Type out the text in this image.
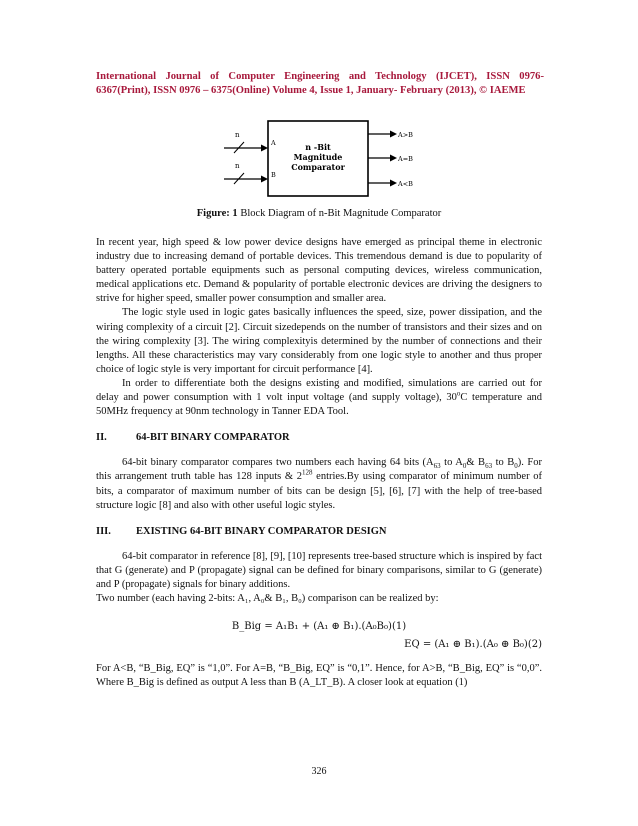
International Journal of Computer Engineering and Technology (IJCET), ISSN 0976-
6367(Print), ISSN 0976 – 6375(Online) Volume 4, Issue 1, January- February (2013), © IAEME
n -Bit
Magnitude
Comparator
n
A
n
B
A>B
A=B
A<B
Figure: 1 Block Diagram of n-Bit Magnitude Comparator

In recent year, high speed & low power device designs have emerged as principal theme in electronic industry due to increasing demand of portable devices. This tremendous demand is due to popularity of battery operated portable equipments such as personal computing devices, wireless communication, medical applications etc. Demand & popularity of portable electronic devices are driving the designers to strive for higher speed, smaller power consumption and smaller area.

The logic style used in logic gates basically influences the speed, size, power dissipation, and the wiring complexity of a circuit [2]. Circuit sizedepends on the number of transistors and their sizes and on the wiring complexity [3]. The wiring complexityis determined by the number of connections and their lengths. All these characteristics may vary considerably from one logic style to another and thus proper choice of logic style is very important for circuit performance [4].

In order to differentiate both the designs existing and modified, simulations are carried out for delay and power consumption with 1 volt input voltage (and supply voltage), 30$^o$C temperature and 50MHz frequency at 90nm technology in Tanner EDA Tool.

II.	64-BIT BINARY COMPARATOR

64-bit binary comparator compares two numbers each having 64 bits ($A_{63}$ to $A_0\&$ $B_{63}$ to $B_0$). For this arrangement truth table has 128 inputs & $2^{128}$ entries.By using comparator of minimum number of bits, a comparator of maximum number of bits can be design [5], [6], [7] with the help of tree-based structure logic [8] and also with other useful logic styles.

III.	EXISTING 64-BIT BINARY COMPARATOR DESIGN

64-bit comparator in reference [8], [9], [10] represents tree-based structure which is inspired by fact that G (generate) and P (propagate) signal can be defined for binary comparisons, similar to G (generate) and P (propagate) signals for binary additions.

Two number (each having 2-bits: A₁, A₀& B₁, B₀) comparison can be realized by:

B_Big = A₁B₁ + (A₁ ⊕ B₁).(A₀B₀)(1)
EQ = (A₁ ⊕ B₁).(A₀ ⊕ B₀)(2)

For A<B, “B_Big, EQ” is “1,0”. For A=B, “B_Big, EQ” is “0,1”. Hence, for A>B, “B_Big, EQ” is “0,0”. Where B_Big is defined as output A less than B (A_LT_B). A closer look at equation (1)

326
